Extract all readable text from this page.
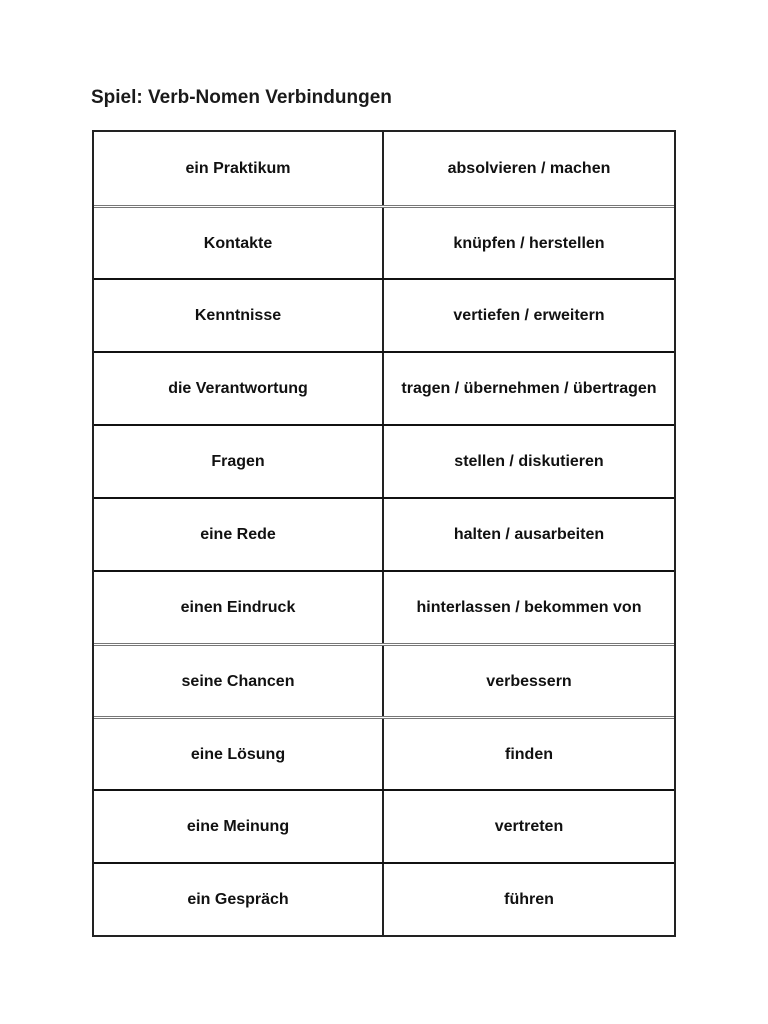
Spiel: Verb-Nomen Verbindungen
ein Praktikum	absolvieren / machen
Kontakte	knüpfen / herstellen
Kenntnisse	vertiefen / erweitern
die Verantwortung	tragen / übernehmen / übertragen
Fragen	stellen / diskutieren
eine Rede	halten / ausarbeiten
einen Eindruck	hinterlassen / bekommen von
seine Chancen	verbessern
eine Lösung	finden
eine Meinung	vertreten
ein Gespräch	führen
